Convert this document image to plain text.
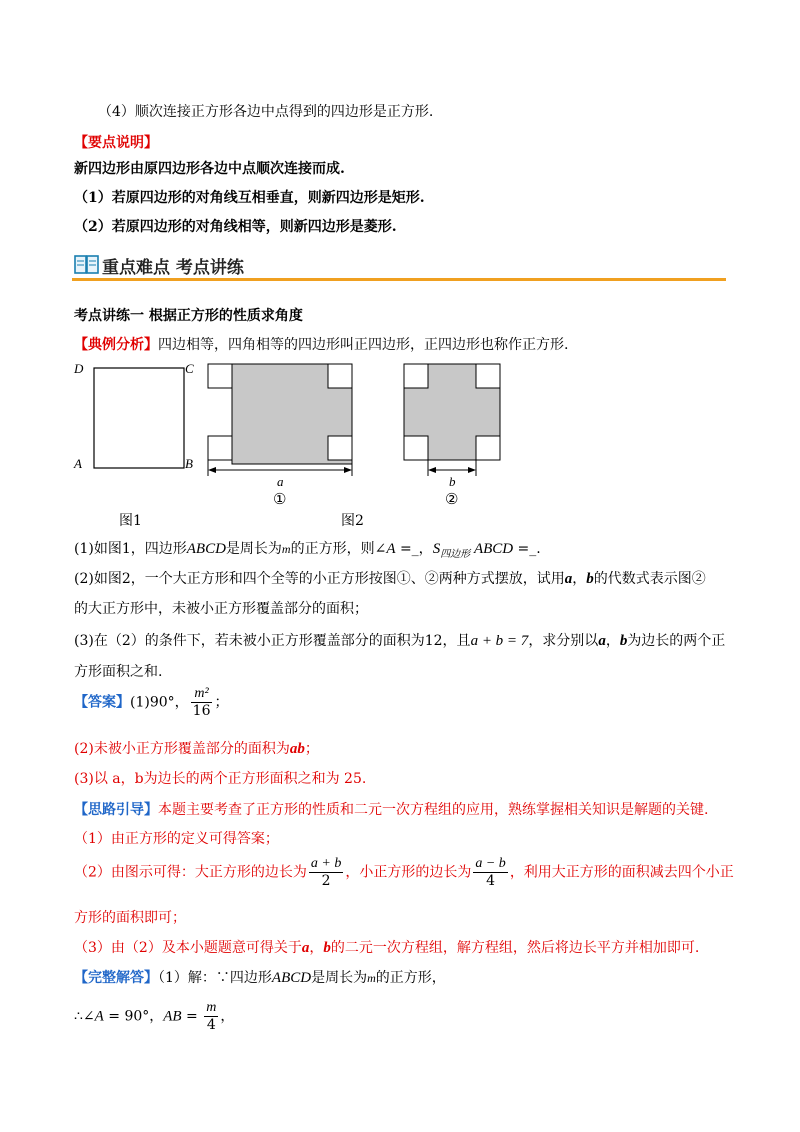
（4）顺次连接正方形各边中点得到的四边形是正方形.
【要点说明】
新四边形由原四边形各边中点顺次连接而成.
（1）若原四边形的对角线互相垂直，则新四边形是矩形.
（2）若原四边形的对角线相等，则新四边形是菱形.
重点难点 考点讲练
考点讲练一 根据正方形的性质求角度
【典例分析】四边相等，四角相等的四边形叫正四边形，正四边形也称作正方形.
D	C
A	B
a
①
b
②
图1	图2
(1)如图1，四边形ABCD是周长为m的正方形，则∠A =_，$S_{四边形}$ ABCD =_.
(2)如图2，一个大正方形和四个全等的小正方形按图①、②两种方式摆放，试用a，b的代数式表示图②
的大正方形中，未被小正方形覆盖部分的面积；
(3)在（2）的条件下，若未被小正方形覆盖部分的面积为12，且a + b = 7，求分别以a，b为边长的两个正
方形面积之和.
【答案】(1)90°， $\frac{\text{m²}}{16}$ ；
(2)未被小正方形覆盖部分的面积为ab；
(3)以 a，b为边长的两个正方形面积之和为 25.
【思路引导】本题主要考查了正方形的性质和二元一次方程组的应用，熟练掌握相关知识是解题的关键.
（1）由正方形的定义可得答案；
（2）由图示可得：大正方形的边长为 $\frac{a + b}{2}$ ，小正方形的边长为 $\frac{a - b}{4}$ ，利用大正方形的面积减去四个小正
方形的面积即可；
（3）由（2）及本小题题意可得关于a，b的二元一次方程组，解方程组，然后将边长平方并相加即可.
【完整解答】（1）解：∵四边形ABCD是周长为m的正方形，
∴∠A = 90°，AB = $\frac{m}{4}$ ，
